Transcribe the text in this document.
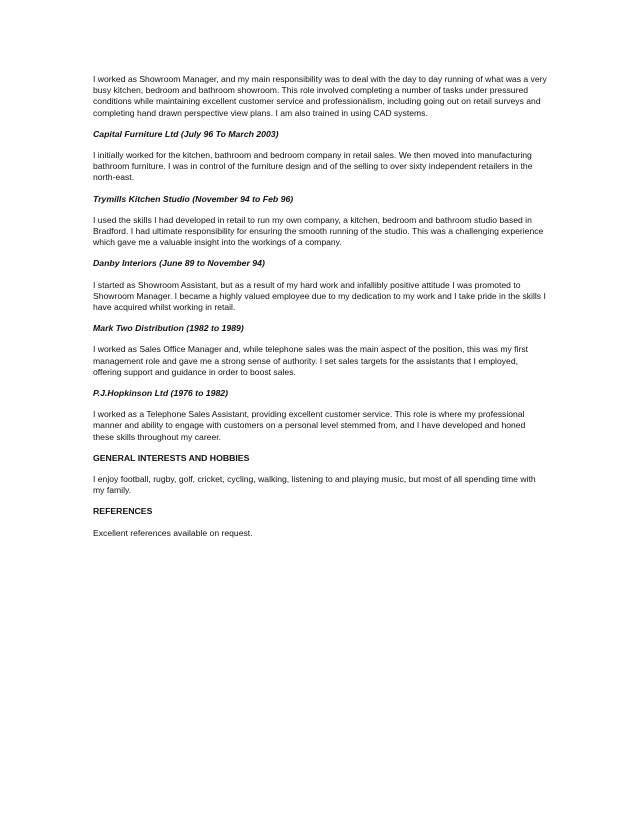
I worked as Showroom Manager, and my main responsibility was to deal with the day to day running of what was a very busy kitchen, bedroom and bathroom showroom. This role involved completing a number of tasks under pressured conditions while maintaining excellent customer service and professionalism, including going out on retail surveys and completing hand drawn perspective view plans. I am also trained in using CAD systems.

Capital Furniture Ltd (July 96 To March 2003)

I initially worked for the kitchen, bathroom and bedroom company in retail sales. We then moved into manufacturing bathroom furniture. I was in control of the furniture design and of the selling to over sixty independent retailers in the north-east.

Trymills Kitchen Studio (November 94 to Feb 96)

I used the skills I had developed in retail to run my own company, a kitchen, bedroom and bathroom studio based in Bradford. I had ultimate responsibility for ensuring the smooth running of the studio. This was a challenging experience which gave me a valuable insight into the workings of a company.

Danby Interiors (June 89 to November 94)

I started as Showroom Assistant, but as a result of my hard work and infallibly positive attitude I was promoted to Showroom Manager. I became a highly valued employee due to my dedication to my work and I take pride in the skills I have acquired whilst working in retail.

Mark Two Distribution (1982 to 1989)

I worked as Sales Office Manager and, while telephone sales was the main aspect of the position, this was my first management role and gave me a strong sense of authority. I set sales targets for the assistants that I employed, offering support and guidance in order to boost sales.

P.J.Hopkinson Ltd (1976 to 1982)

I worked as a Telephone Sales Assistant, providing excellent customer service. This role is where my professional manner and ability to engage with customers on a personal level stemmed from, and I have developed and honed these skills throughout my career.

GENERAL INTERESTS AND HOBBIES

I enjoy football, rugby, golf, cricket, cycling, walking, listening to and playing music, but most of all spending time with my family.

REFERENCES

Excellent references available on request.
